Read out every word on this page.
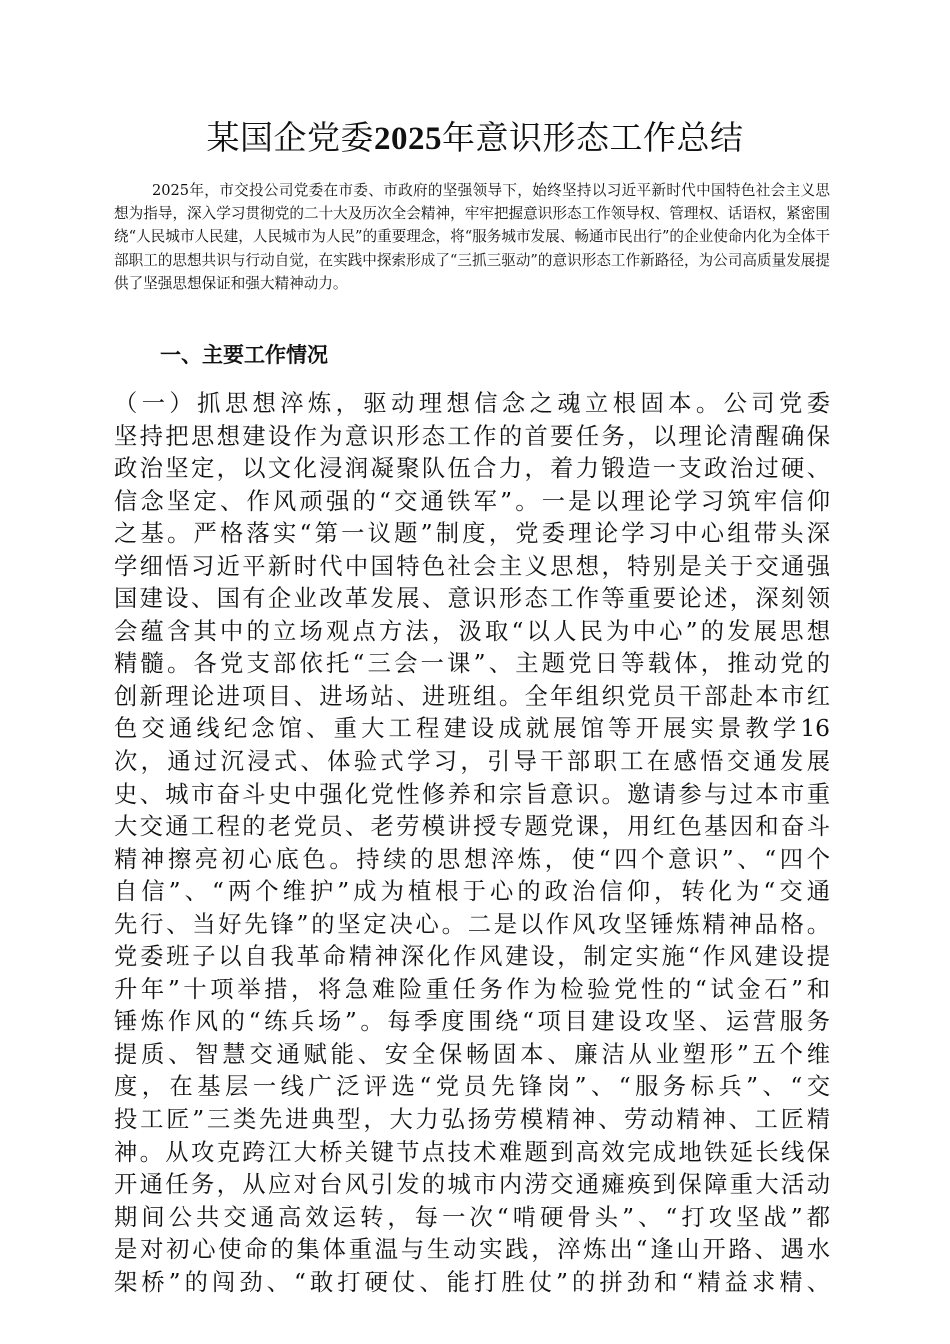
某国企党委2025年意识形态工作总结

2025年，市交投公司党委在市委、市政府的坚强领导下，始终坚持以习近平新时代中国特色社会主义思想为指导，深入学习贯彻党的二十大及历次全会精神，牢牢把握意识形态工作领导权、管理权、话语权，紧密围绕“人民城市人民建，人民城市为人民”的重要理念，将“服务城市发展、畅通市民出行”的企业使命内化为全体干部职工的思想共识与行动自觉，在实践中探索形成了“三抓三驱动”的意识形态工作新路径，为公司高质量发展提供了坚强思想保证和强大精神动力。

一、主要工作情况
（一）抓思想淬炼，驱动理想信念之魂立根固本。公司党委
坚持把思想建设作为意识形态工作的首要任务，以理论清醒确保
政治坚定，以文化浸润凝聚队伍合力，着力锻造一支政治过硬、
信念坚定、作风顽强的“交通铁军”。一是以理论学习筑牢信仰
之基。严格落实“第一议题”制度，党委理论学习中心组带头深
学细悟习近平新时代中国特色社会主义思想，特别是关于交通强
国建设、国有企业改革发展、意识形态工作等重要论述，深刻领
会蕴含其中的立场观点方法，汲取“以人民为中心”的发展思想
精髓。各党支部依托“三会一课”、主题党日等载体，推动党的
创新理论进项目、进场站、进班组。全年组织党员干部赴本市红
色交通线纪念馆、重大工程建设成就展馆等开展实景教学16
次，通过沉浸式、体验式学习，引导干部职工在感悟交通发展
史、城市奋斗史中强化党性修养和宗旨意识。邀请参与过本市重
大交通工程的老党员、老劳模讲授专题党课，用红色基因和奋斗
精神擦亮初心底色。持续的思想淬炼，使“四个意识”、“四个
自信”、“两个维护”成为植根于心的政治信仰，转化为“交通
先行、当好先锋”的坚定决心。二是以作风攻坚锤炼精神品格。
党委班子以自我革命精神深化作风建设，制定实施“作风建设提
升年”十项举措，将急难险重任务作为检验党性的“试金石”和
锤炼作风的“练兵场”。每季度围绕“项目建设攻坚、运营服务
提质、智慧交通赋能、安全保畅固本、廉洁从业塑形”五个维
度，在基层一线广泛评选“党员先锋岗”、“服务标兵”、“交
投工匠”三类先进典型，大力弘扬劳模精神、劳动精神、工匠精
神。从攻克跨江大桥关键节点技术难题到高效完成地铁延长线保
开通任务，从应对台风引发的城市内涝交通瘫痪到保障重大活动
期间公共交通高效运转，每一次“啃硬骨头”、“打攻坚战”都
是对初心使命的集体重温与生动实践，淬炼出“逢山开路、遇水
架桥”的闯劲、“敢打硬仗、能打胜仗”的拼劲和“精益求精、
